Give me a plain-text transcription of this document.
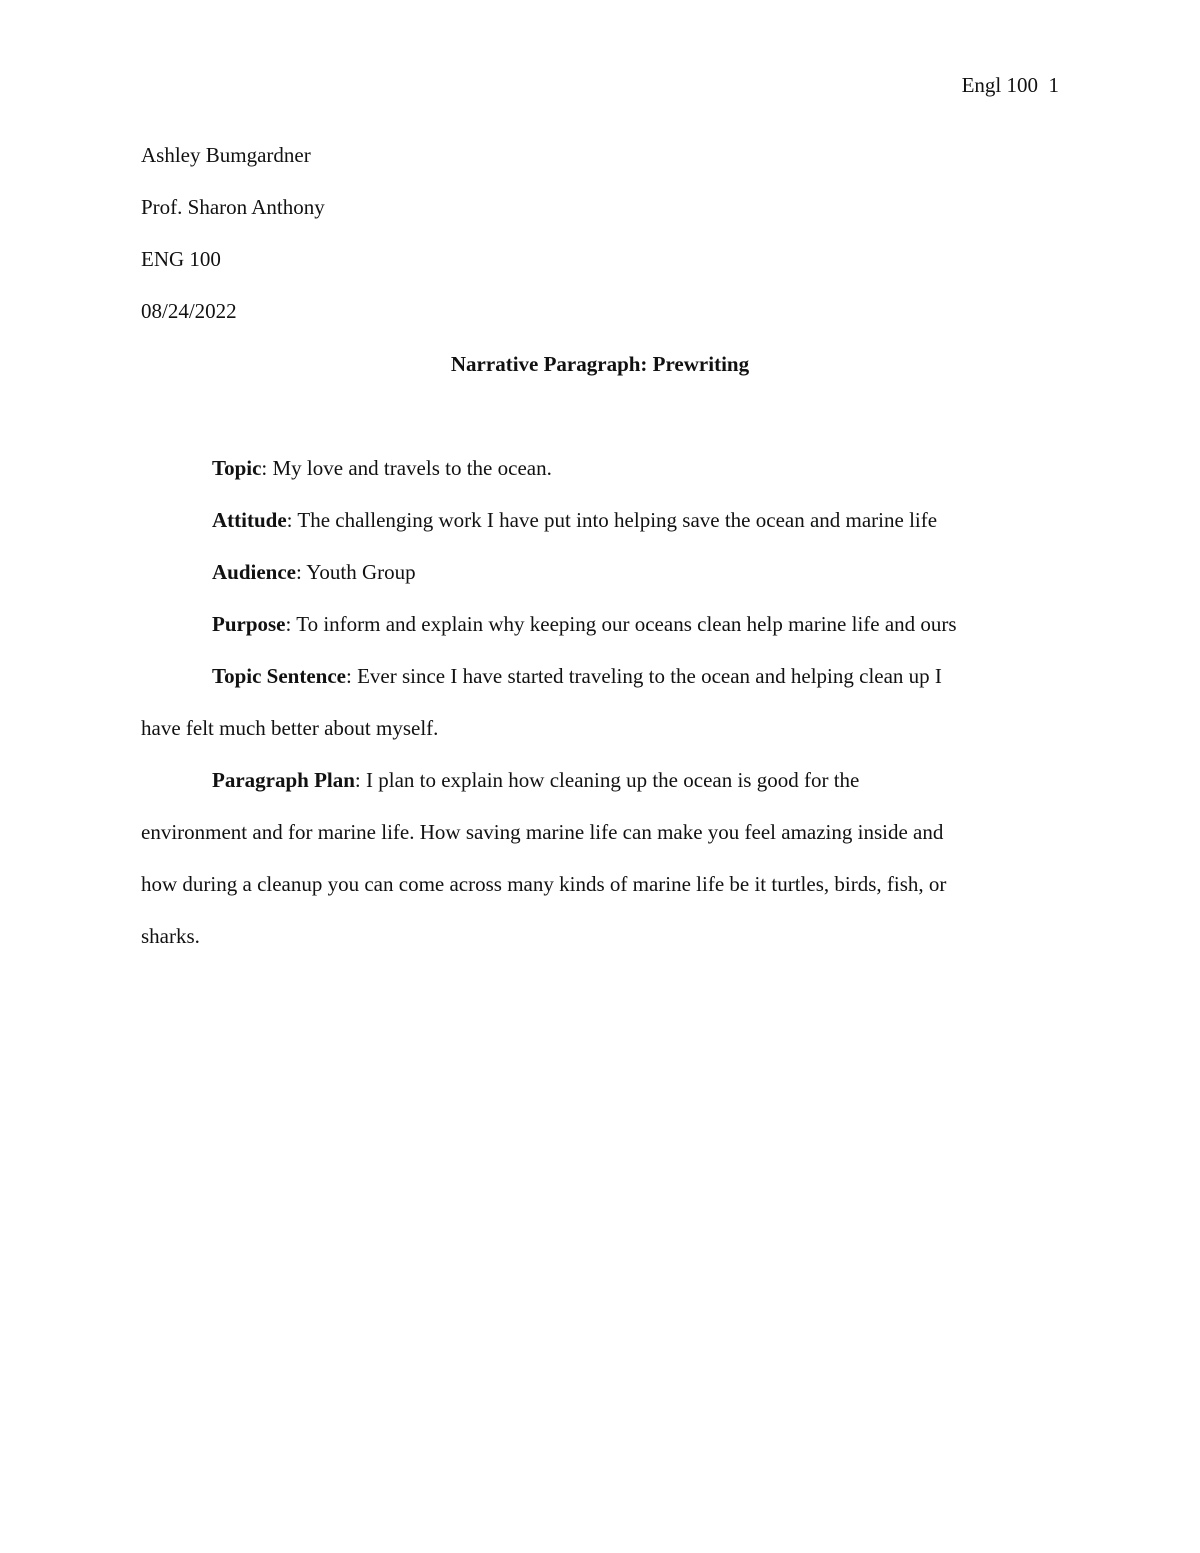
Engl 100  1
Ashley Bumgardner
Prof. Sharon Anthony
ENG 100
08/24/2022
Narrative Paragraph: Prewriting
Topic: My love and travels to the ocean.
Attitude: The challenging work I have put into helping save the ocean and marine life
Audience: Youth Group
Purpose: To inform and explain why keeping our oceans clean help marine life and ours
Topic Sentence: Ever since I have started traveling to the ocean and helping clean up I
have felt much better about myself.
Paragraph Plan: I plan to explain how cleaning up the ocean is good for the
environment and for marine life. How saving marine life can make you feel amazing inside and
how during a cleanup you can come across many kinds of marine life be it turtles, birds, fish, or
sharks.
